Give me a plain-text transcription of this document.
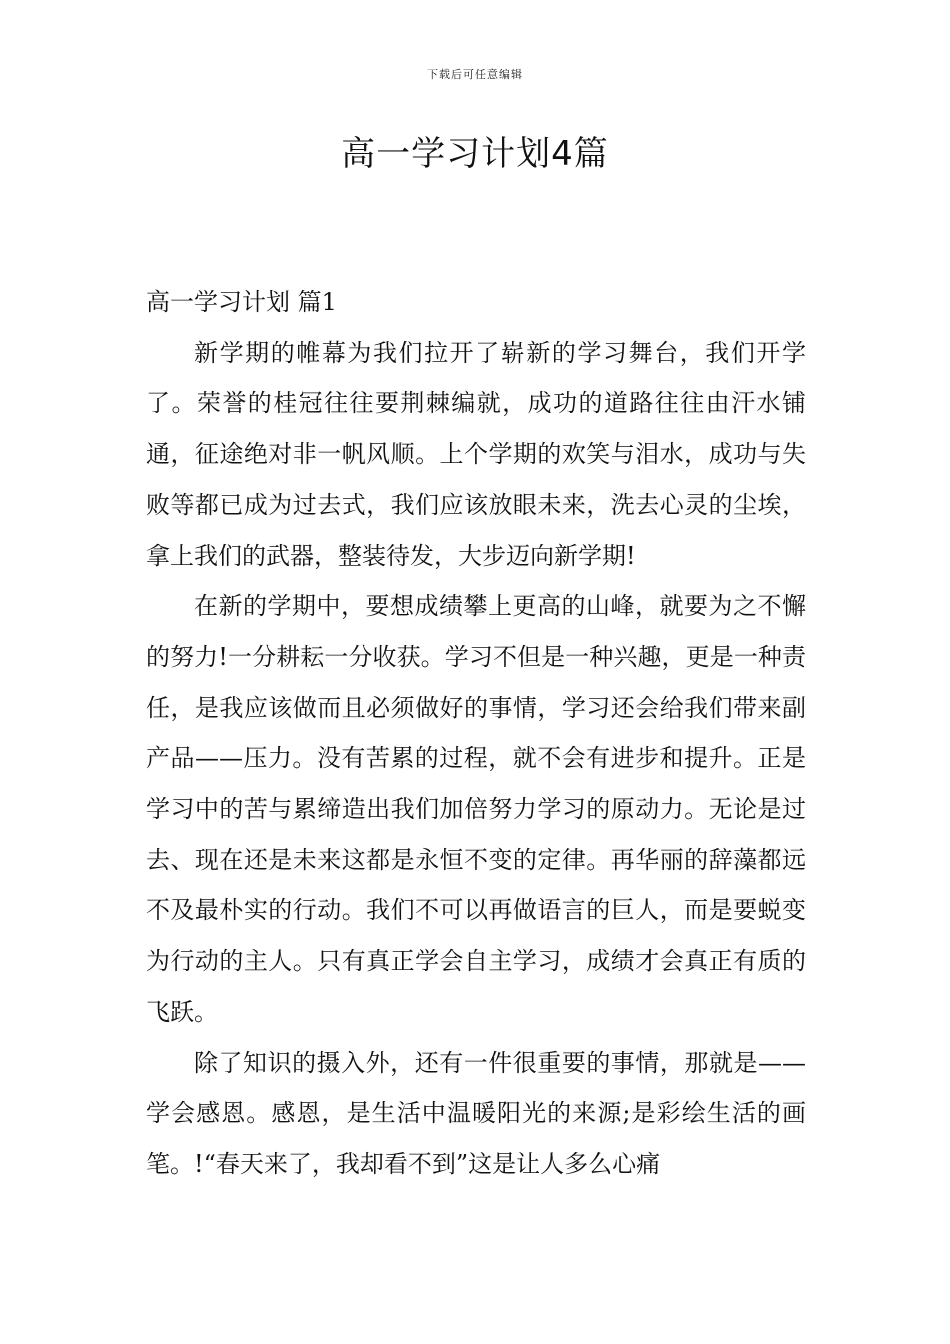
下载后可任意编辑
高一学习计划4篇

高一学习计划 篇1

新学期的帷幕为我们拉开了崭新的学习舞台，我们开学了。荣誉的桂冠往往要荆棘编就，成功的道路往往由汗水铺通，征途绝对非一帆风顺。上个学期的欢笑与泪水，成功与失败等都已成为过去式，我们应该放眼未来，洗去心灵的尘埃，拿上我们的武器，整装待发，大步迈向新学期!

在新的学期中，要想成绩攀上更高的山峰，就要为之不懈的努力!一分耕耘一分收获。学习不但是一种兴趣，更是一种责任，是我应该做而且必须做好的事情，学习还会给我们带来副产品——压力。没有苦累的过程，就不会有进步和提升。正是学习中的苦与累缔造出我们加倍努力学习的原动力。无论是过去、现在还是未来这都是永恒不变的定律。再华丽的辞藻都远不及最朴实的行动。我们不可以再做语言的巨人，而是要蜕变为行动的主人。只有真正学会自主学习，成绩才会真正有质的飞跃。

除了知识的摄入外，还有一件很重要的事情，那就是——学会感恩。感恩，是生活中温暖阳光的来源;是彩绘生活的画笔。!“春天来了，我却看不到”这是让人多么心痛
